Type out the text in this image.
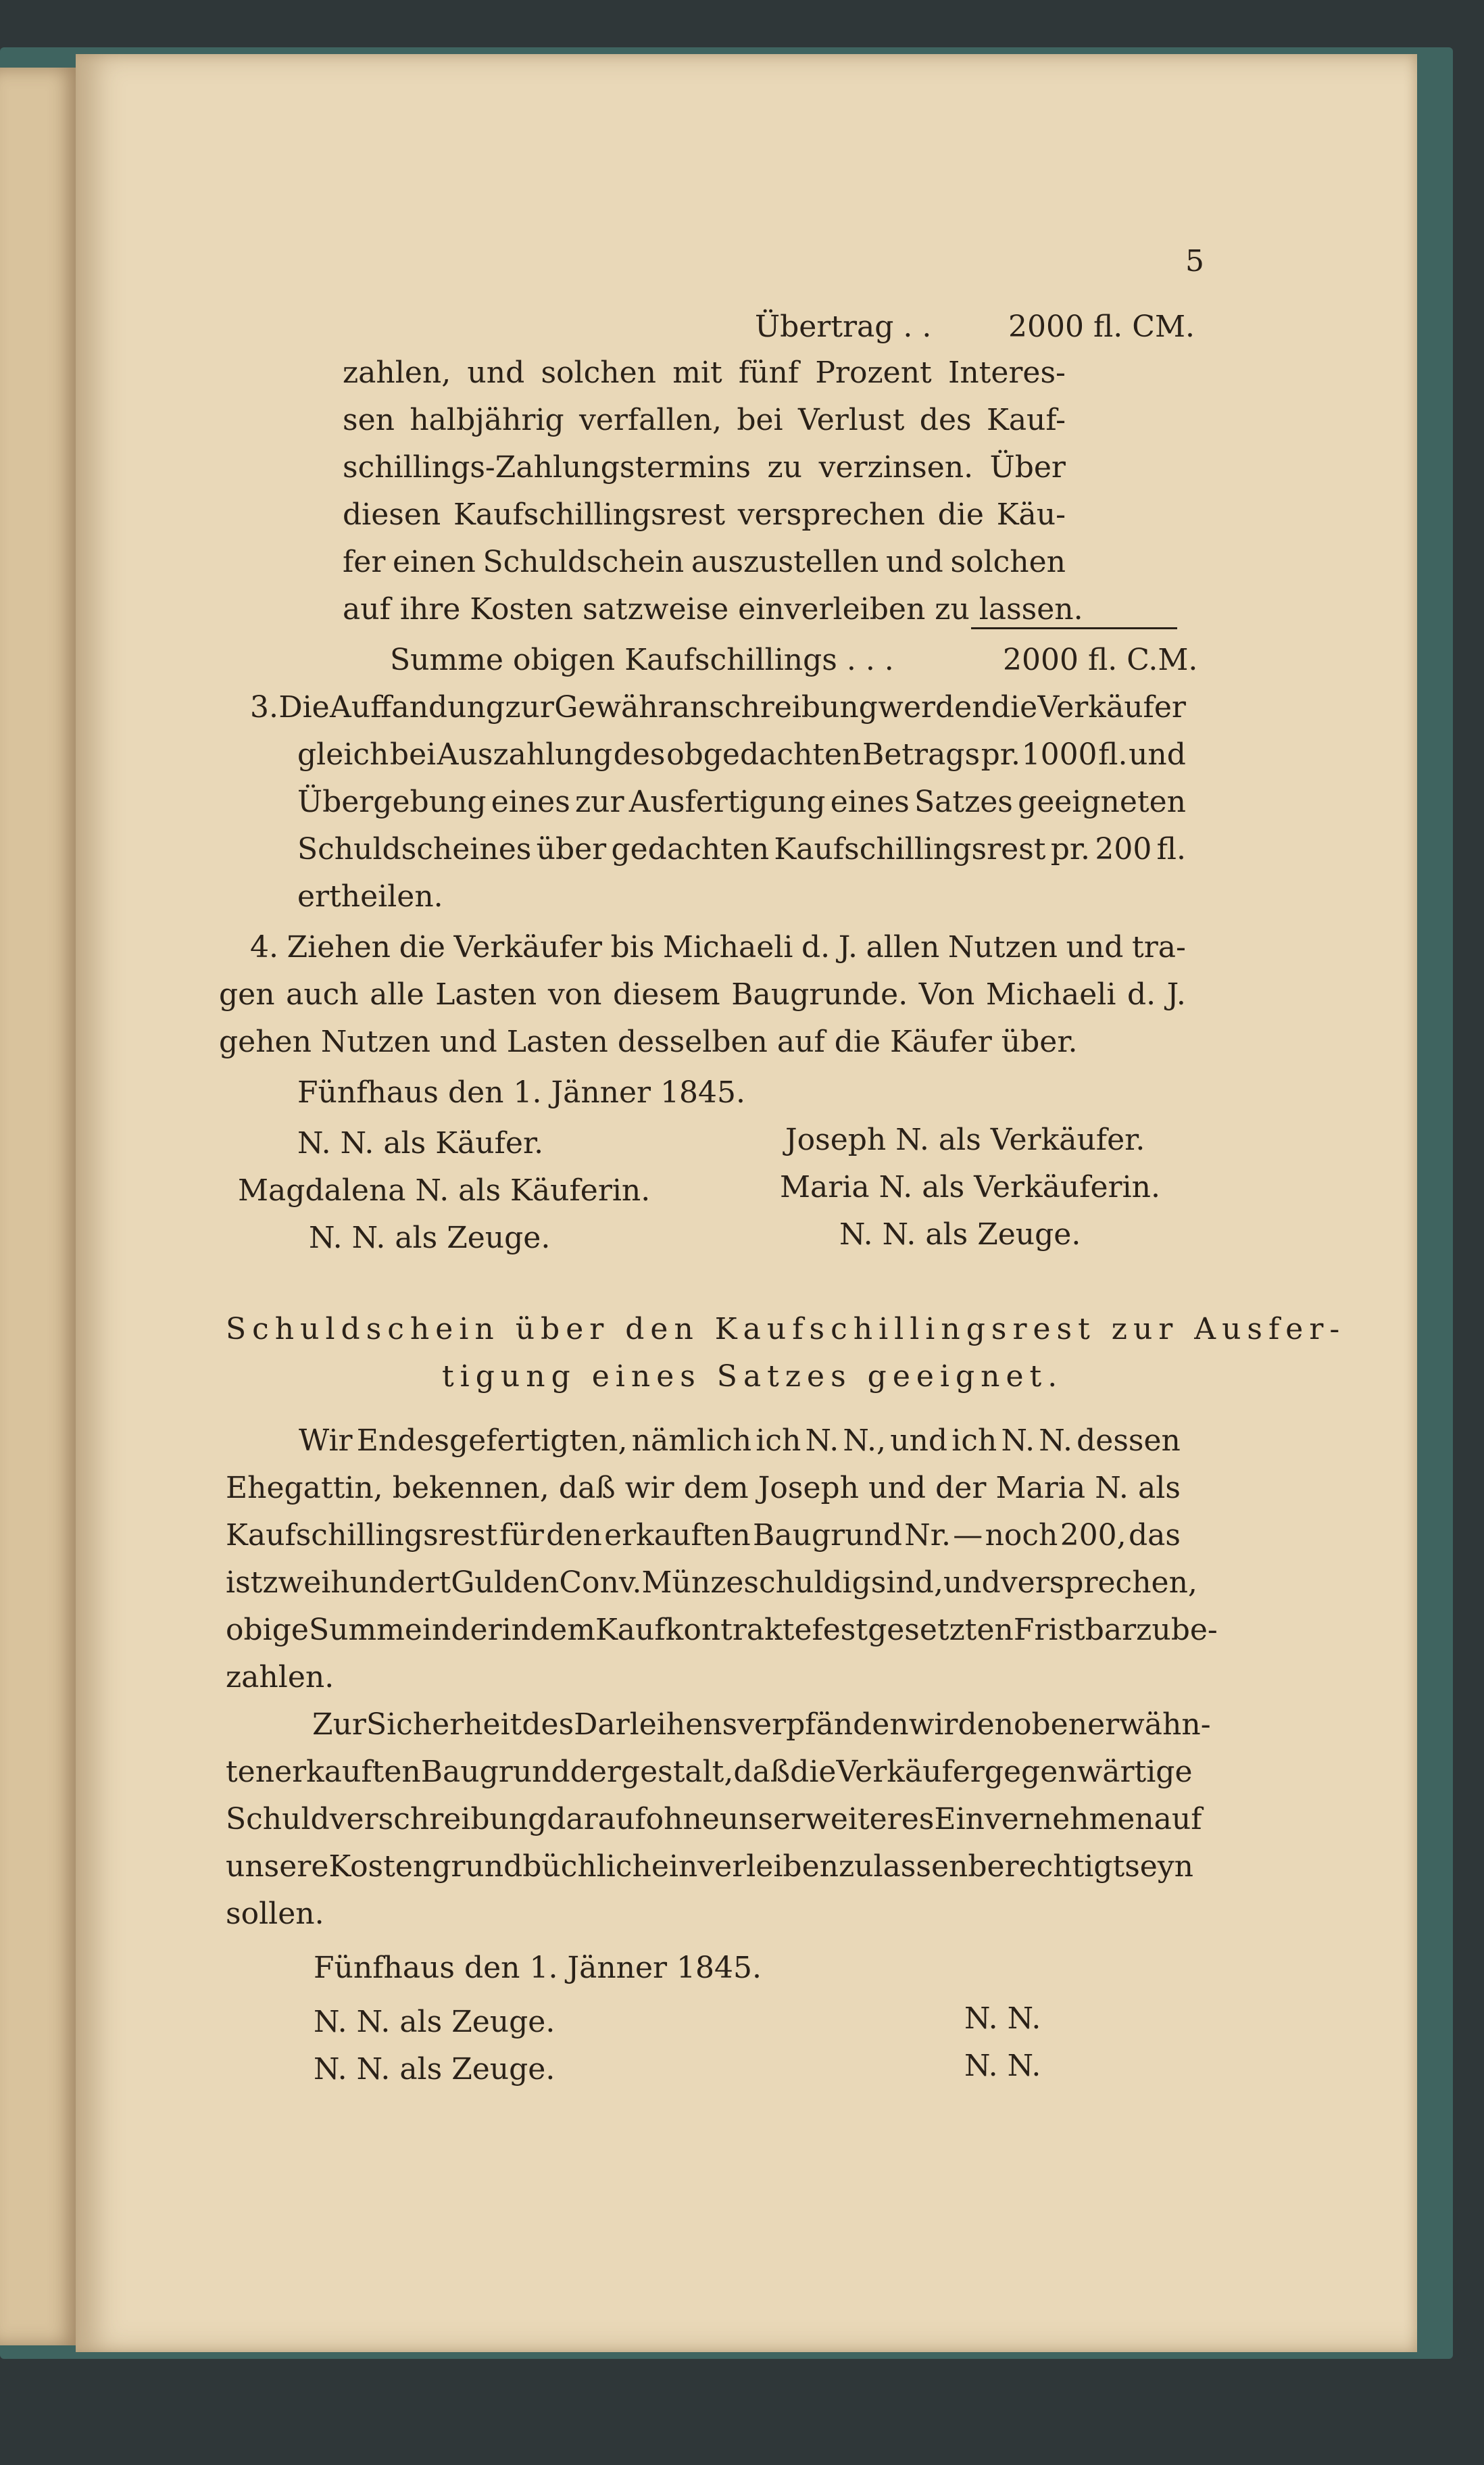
5
Übertrag . .	2000 fl. CM.
zahlen, und solchen mit fünf Prozent Interes-
sen halbjährig verfallen, bei Verlust des Kauf-
schillings-Zahlungstermins zu verzinsen. Über
diesen Kaufschillingsrest versprechen die Käu-
fer einen Schuldschein auszustellen und solchen
auf ihre Kosten satzweise einverleiben zu lassen.
Summe obigen Kaufschillings . . .	2000 fl. C.M.
3. Die Auffandung zur Gewähranschreibung werden die Verkäufer
gleich bei Auszahlung des obgedachten Betrags pr. 1000 fl. und
Übergebung eines zur Ausfertigung eines Satzes geeigneten
Schuldscheines über gedachten Kaufschillingsrest pr. 200 fl.
ertheilen.
4. Ziehen die Verkäufer bis Michaeli d. J. allen Nutzen und tra-
gen auch alle Lasten von diesem Baugrunde. Von Michaeli d. J.
gehen Nutzen und Lasten desselben auf die Käufer über.
Fünfhaus den 1. Jänner 1845.
N. N. als Käufer.
Magdalena N. als Käuferin.
N. N. als Zeuge.
Joseph N. als Verkäufer.
Maria N. als Verkäuferin.
N. N. als Zeuge.
Schuldschein über den Kaufschillingsrest zur Ausfer-
tigung eines Satzes geeignet.
Wir Endesgefertigten, nämlich ich N. N., und ich N. N. dessen
Ehegattin, bekennen, daß wir dem Joseph und der Maria N. als
Kaufschillingsrest für den erkauften Baugrund Nr. — noch 200, das
ist zweihundert Gulden Conv. Münze schuldig sind, und versprechen,
obige Summe in der in dem Kaufkontrakte festgesetzten Frist bar zu be-
zahlen.
Zur Sicherheit des Darleihens verpfänden wir den oben erwähn-
ten erkauften Baugrund dergestalt, daß die Verkäufer gegenwärtige
Schuldverschreibung darauf ohne unser weiteres Einvernehmen auf
unsere Kosten grundbüchlich einverleiben zu lassen berechtigt seyn
sollen.
Fünfhaus den 1. Jänner 1845.
N. N. als Zeuge.
N. N. als Zeuge.
N. N.
N. N.
